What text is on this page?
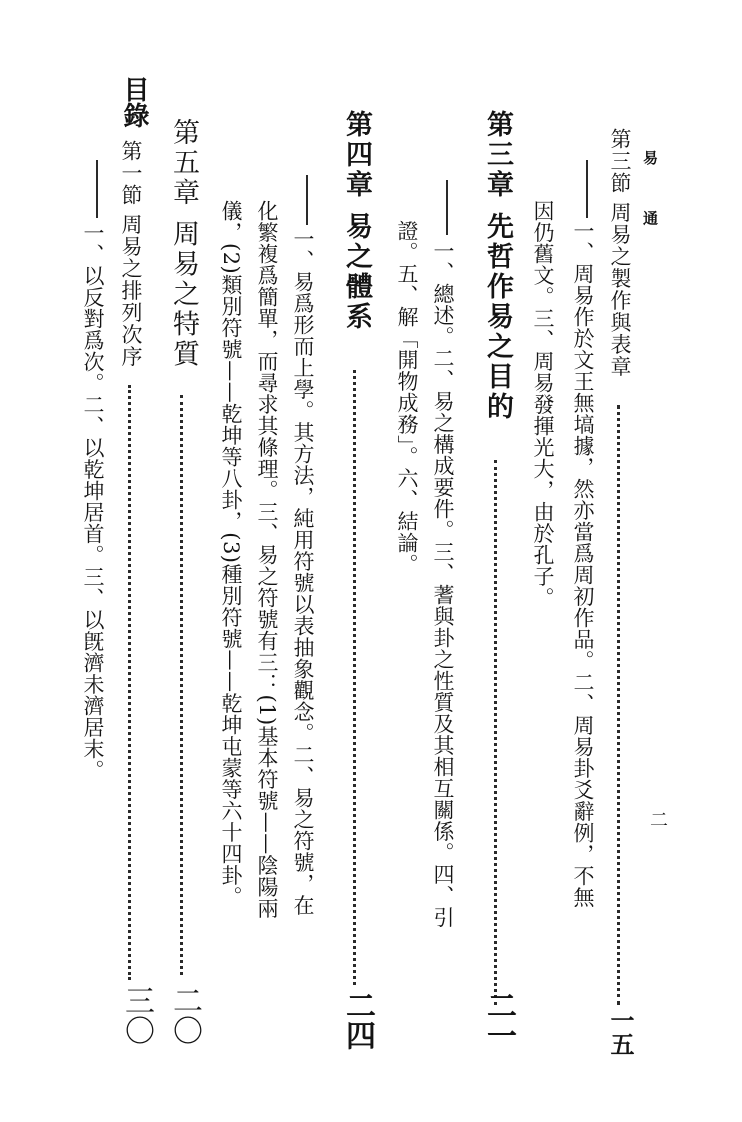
易 通
二
第三節 周易之製作與表章
一五
一、周易作於文王無塙據，然亦當爲周初作品。二、周易卦爻辭例，不無
因仍舊文。三、周易發揮光大，由於孔子。
第三章 先哲作易之目的
二一
一、總述。二、易之構成要件。三、蓍與卦之性質及其相互關係。四、引
證。五、解「開物成務」。六、結論。
第四章 易之體系
二四
一、易爲形而上學。其方法，純用符號以表抽象觀念。二、易之符號，在
化繁複爲簡單，而尋求其條理。三、易之符號有三：(1)基本符號——陰陽兩
儀，(2)類別符號——乾坤等八卦，(3)種別符號——乾坤屯蒙等六十四卦。
第五章 周易之特質
二〇
目錄
第一節 周易之排列次序
三〇
一、以反對爲次。二、以乾坤居首。三、以旣濟未濟居末。
